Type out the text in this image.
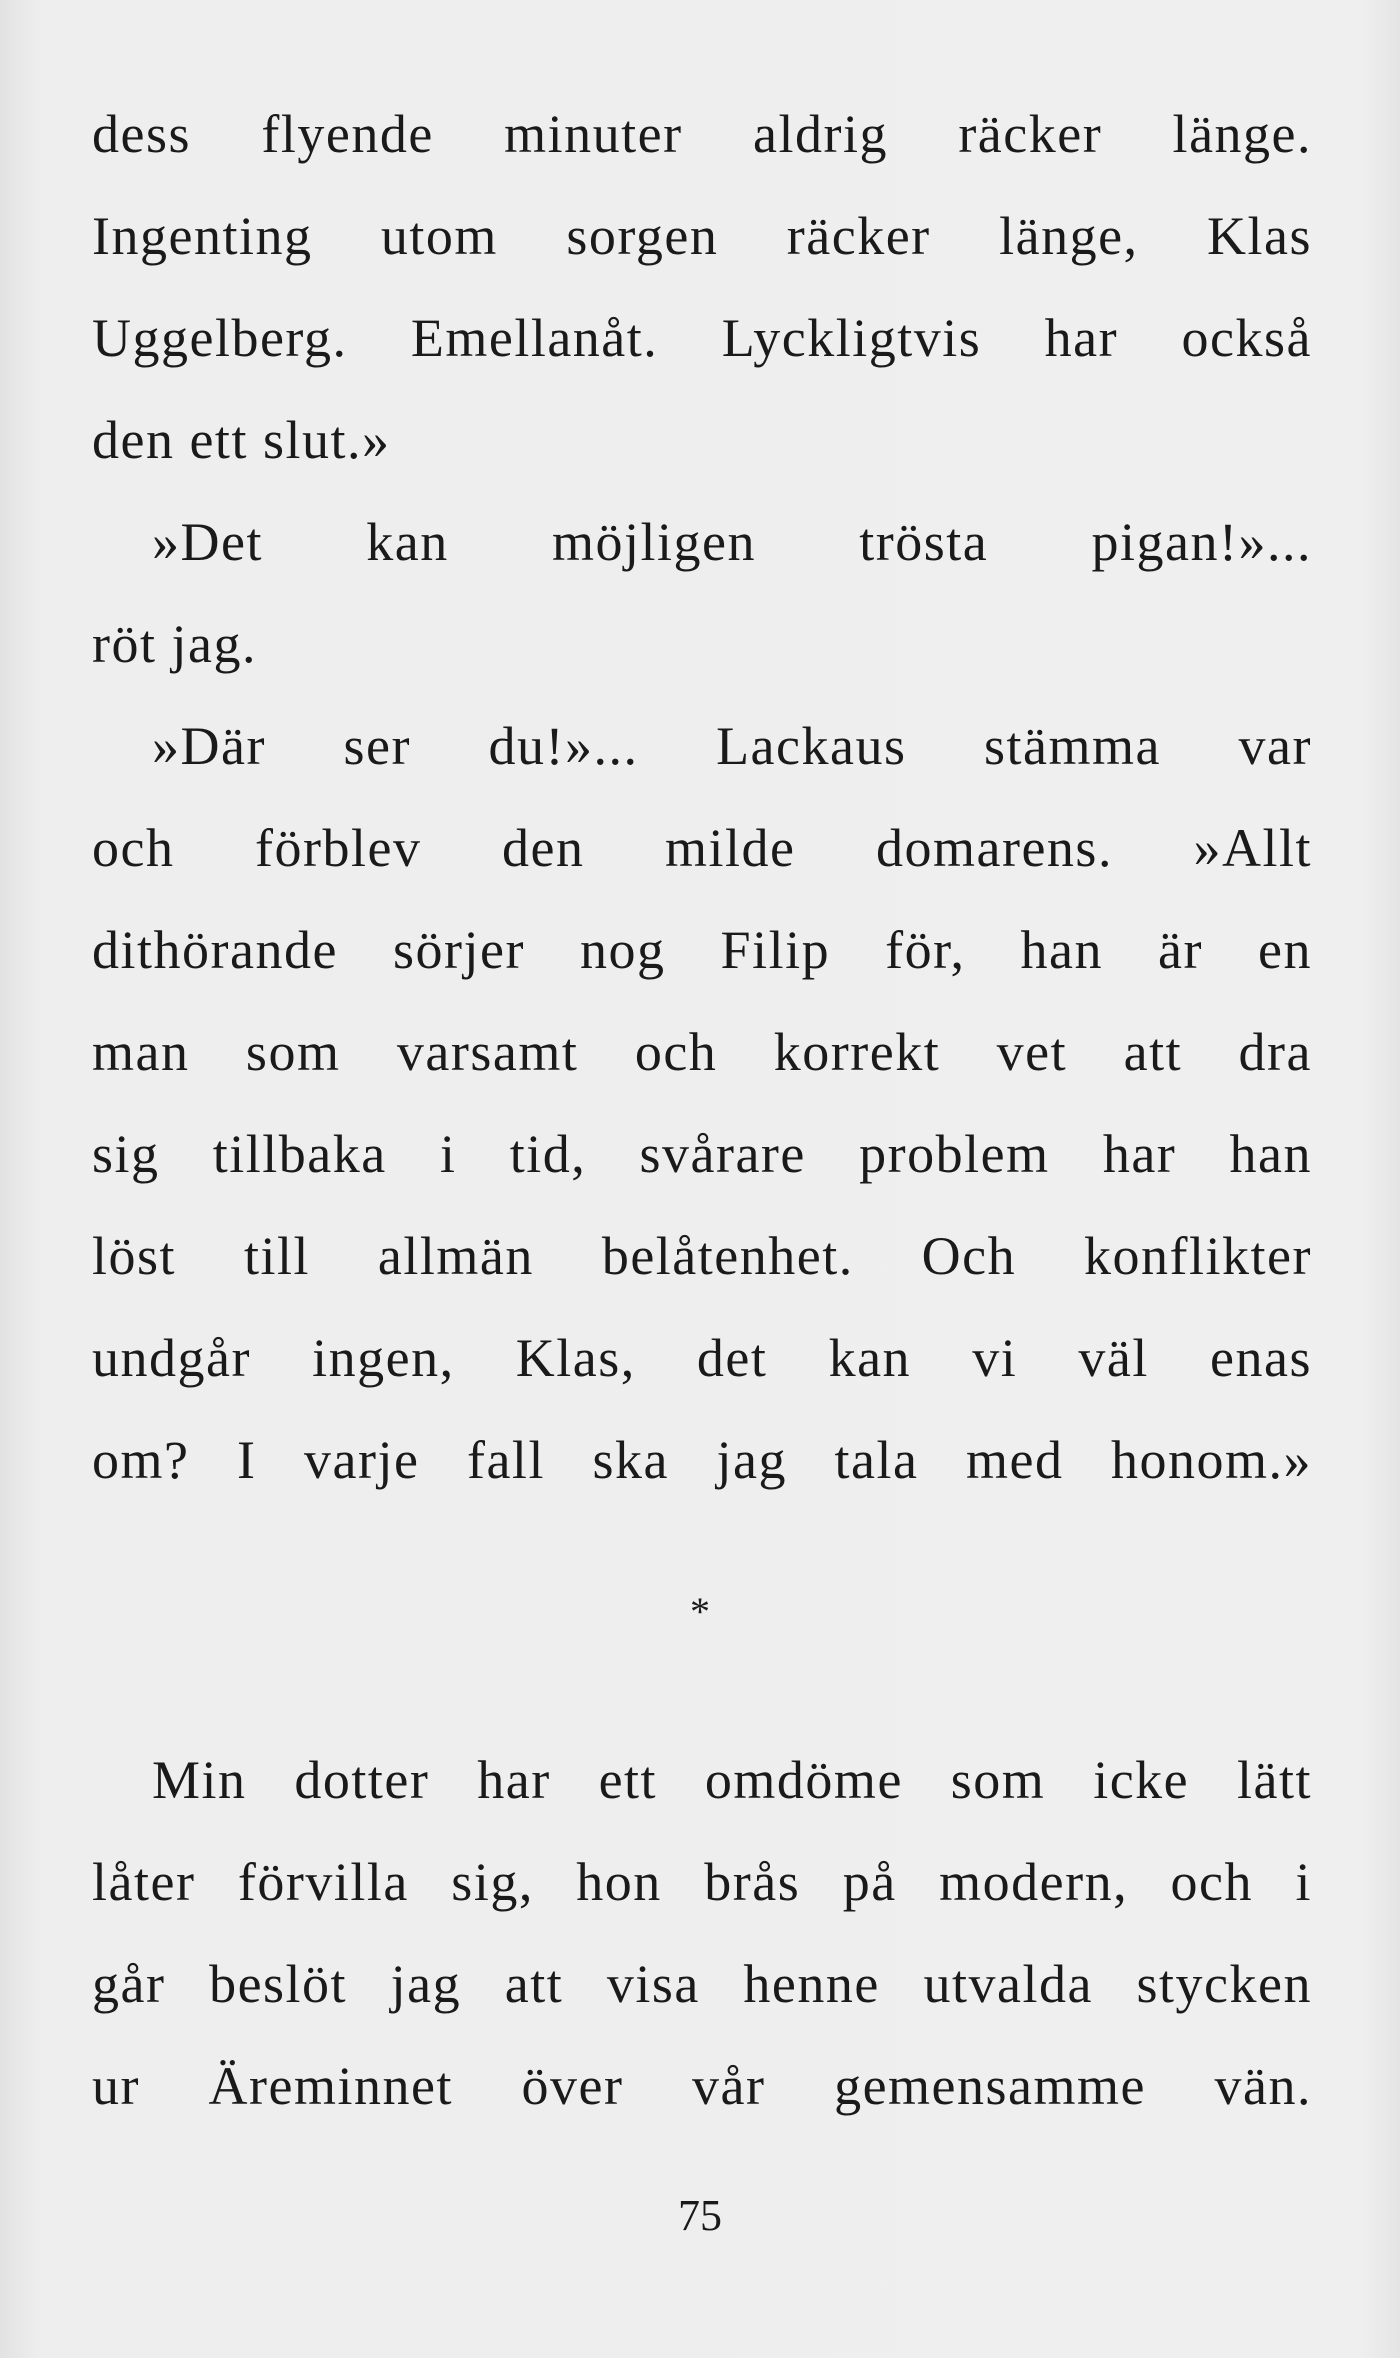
dess flyende minuter aldrig räcker länge.
Ingenting utom sorgen räcker länge, Klas
Uggelberg. Emellanåt. Lyckligtvis har också
den ett slut.»
»Det kan möjligen trösta pigan!»...
röt jag.
»Där ser du!»... Lackaus stämma var
och förblev den milde domarens. »Allt
dithörande sörjer nog Filip för, han är en
man som varsamt och korrekt vet att dra
sig tillbaka i tid, svårare problem har han
löst till allmän belåtenhet. Och konflikter
undgår ingen, Klas, det kan vi väl enas
om? I varje fall ska jag tala med honom.»
*
Min dotter har ett omdöme som icke lätt
låter förvilla sig, hon brås på modern, och i
går beslöt jag att visa henne utvalda stycken
ur Äreminnet över vår gemensamme vän.
75
